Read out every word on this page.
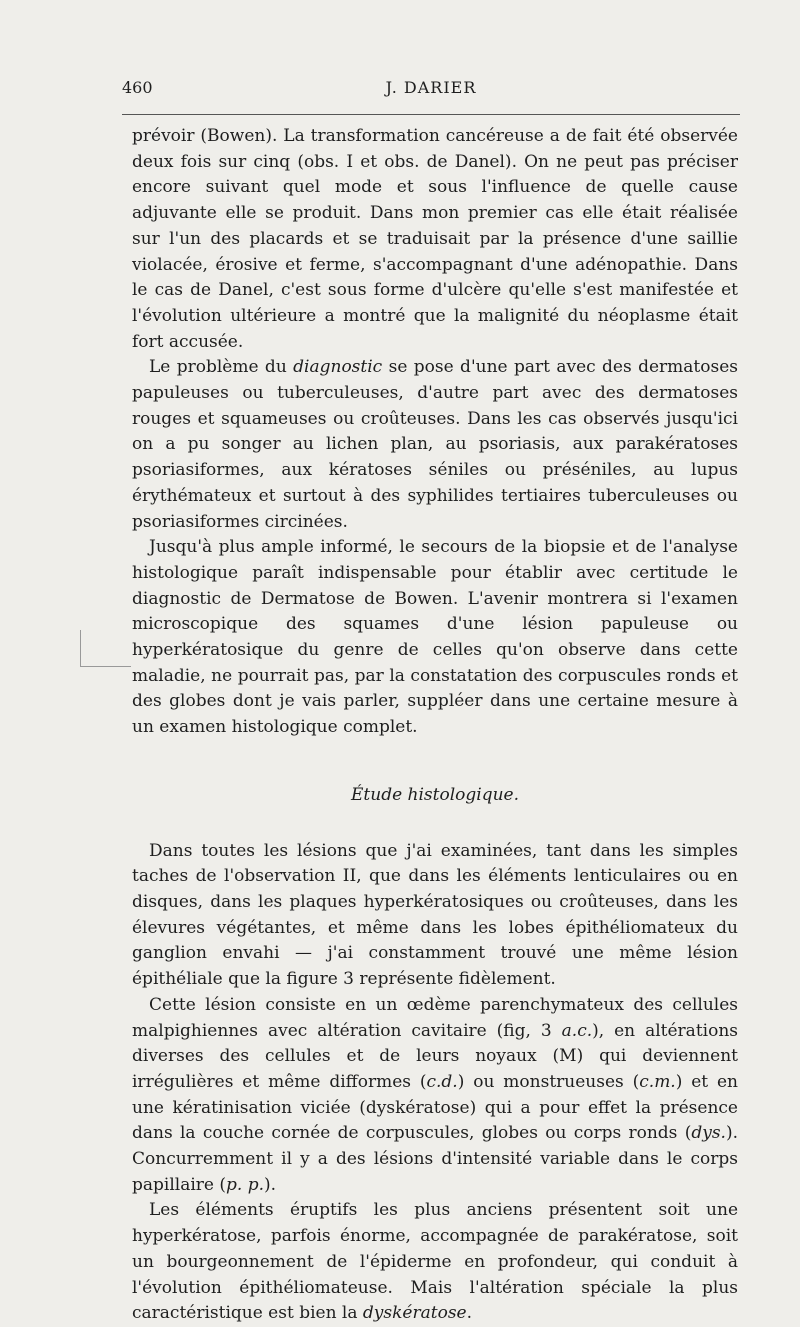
460	J. DARIER

prévoir (Bowen). La transformation cancéreuse a de fait été observée deux fois sur cinq (obs. I et obs. de Danel). On ne peut pas préciser encore suivant quel mode et sous l'influence de quelle cause adjuvante elle se produit. Dans mon premier cas elle était réalisée sur l'un des placards et se traduisait par la présence d'une saillie violacée, érosive et ferme, s'accompagnant d'une adénopathie. Dans le cas de Danel, c'est sous forme d'ulcère qu'elle s'est manifestée et l'évolution ultérieure a montré que la malignité du néoplasme était fort accusée.

Le problème du diagnostic se pose d'une part avec des dermatoses papuleuses ou tuberculeuses, d'autre part avec des dermatoses rouges et squameuses ou croûteuses. Dans les cas observés jusqu'ici on a pu songer au lichen plan, au psoriasis, aux parakératoses psoriasiformes, aux kératoses séniles ou préséniles, au lupus érythémateux et surtout à des syphilides tertiaires tuberculeuses ou psoriasiformes circinées.

Jusqu'à plus ample informé, le secours de la biopsie et de l'analyse histologique paraît indispensable pour établir avec certitude le diagnostic de Dermatose de Bowen. L'avenir montrera si l'examen microscopique des squames d'une lésion papuleuse ou hyperkératosique du genre de celles qu'on observe dans cette maladie, ne pourrait pas, par la constatation des corpuscules ronds et des globes dont je vais parler, suppléer dans une certaine mesure à un examen histologique complet.

Étude histologique.

Dans toutes les lésions que j'ai examinées, tant dans les simples taches de l'observation II, que dans les éléments lenticulaires ou en disques, dans les plaques hyperkératosiques ou croûteuses, dans les élevures végétantes, et même dans les lobes épithéliomateux du ganglion envahi — j'ai constamment trouvé une même lésion épithéliale que la figure 3 représente fidèlement.

Cette lésion consiste en un œdème parenchymateux des cellules malpighiennes avec altération cavitaire (fig, 3 a.c.), en altérations diverses des cellules et de leurs noyaux (M) qui deviennent irrégulières et même difformes (c.d.) ou monstrueuses (c.m.) et en une kératinisation viciée (dyskératose) qui a pour effet la présence dans la couche cornée de corpuscules, globes ou corps ronds (dys.). Concurremment il y a des lésions d'intensité variable dans le corps papillaire (p. p.).

Les éléments éruptifs les plus anciens présentent soit une hyperkératose, parfois énorme, accompagnée de parakératose, soit un bourgeonnement de l'épiderme en profondeur, qui conduit à l'évolution épithéliomateuse. Mais l'altération spéciale la plus caractéristique est bien la dyskératose.
